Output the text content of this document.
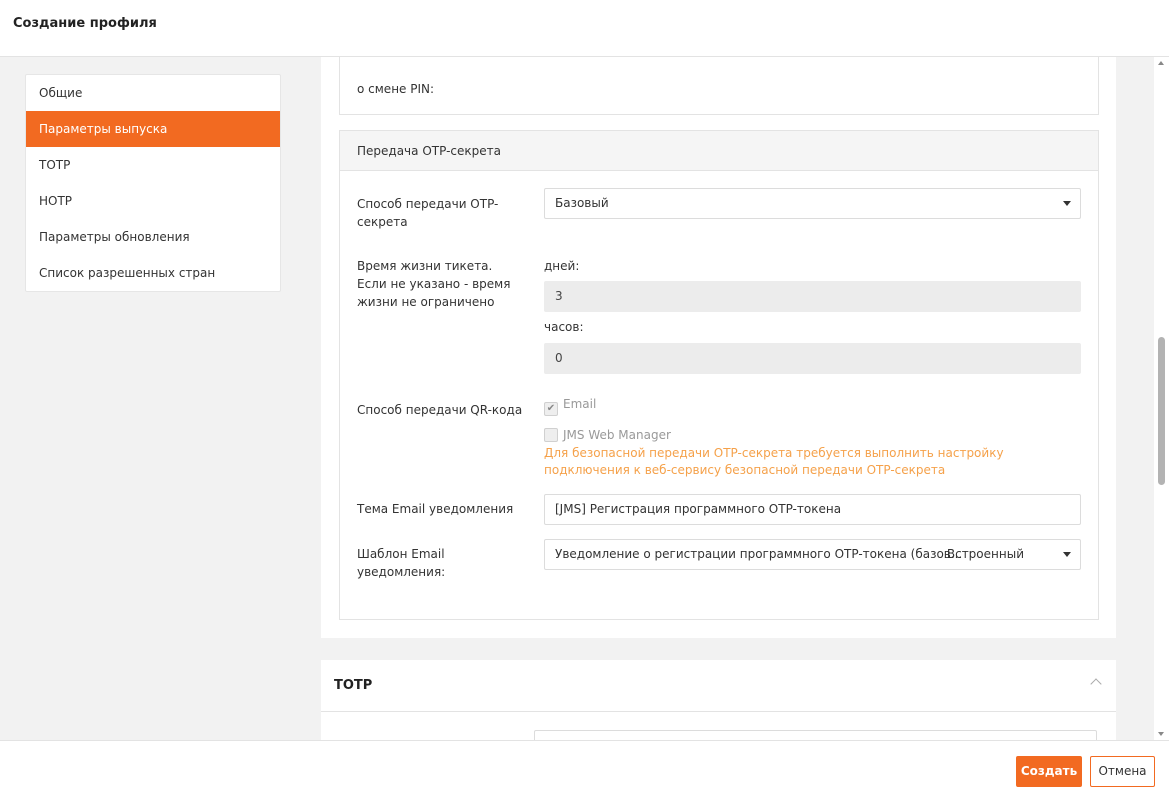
Создание профиля
Общие
Параметры выпуска
TOTP
HOTP
Параметры обновления
Список разрешенных стран
о смене PIN:
Передача OTP-секрета
Способ передачи OTP-секрета
Базовый
Время жизни тикета. Если не указано - время жизни не ограничено
дней:
3
часов:
0
Способ передачи QR-кода ✔ Email
JMS Web Manager
Для безопасной передачи OTP-секрета требуется выполнить настройку подключения к веб-сервису безопасной передачи OTP-секрета
Тема Email уведомления	[JMS] Регистрация программного OTP-токена
Шаблон Email уведомления:
Уведомление о регистрации программного OTP-токена (базов...
Встроенный
TOTP
Создать	Отмена
